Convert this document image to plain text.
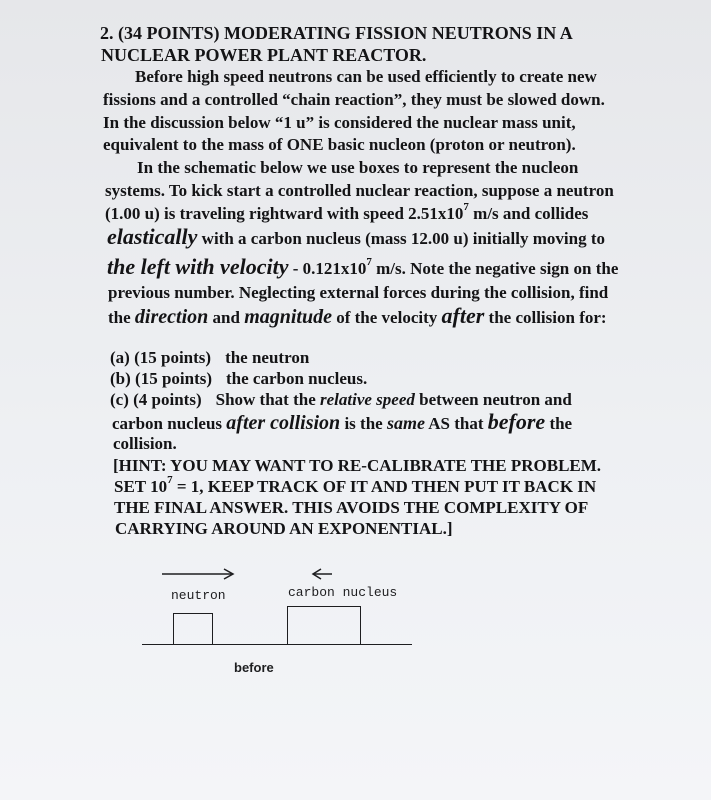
2. (34 POINTS) MODERATING FISSION NEUTRONS IN A
NUCLEAR POWER PLANT REACTOR.
Before high speed neutrons can be used efficiently to create new
fissions and a controlled “chain reaction”, they must be slowed down.
In the discussion below “1 u” is considered the nuclear mass unit,
equivalent to the mass of ONE basic nucleon (proton or neutron).
In the schematic below we use boxes to represent the nucleon
systems. To kick start a controlled nuclear reaction, suppose a neutron
(1.00 u) is traveling rightward with speed $2.51x10^7$ m/s and collides
elastically with a carbon nucleus (mass 12.00 u) initially moving to
the left with velocity - $0.121x10^7$ m/s. Note the negative sign on the
previous number. Neglecting external forces during the collision, find
the direction and magnitude of the velocity after the collision for:
(a) (15 points) the neutron
(b) (15 points) the carbon nucleus.
(c) (4 points) Show that the relative speed between neutron and
carbon nucleus after collision is the same AS that before the
collision.
[HINT: YOU MAY WANT TO RE-CALIBRATE THE PROBLEM.
SET $10^7 = 1$, KEEP TRACK OF IT AND THEN PUT IT BACK IN
THE FINAL ANSWER. THIS AVOIDS THE COMPLEXITY OF
CARRYING AROUND AN EXPONENTIAL.]
neutron	carbon nucleus
before
